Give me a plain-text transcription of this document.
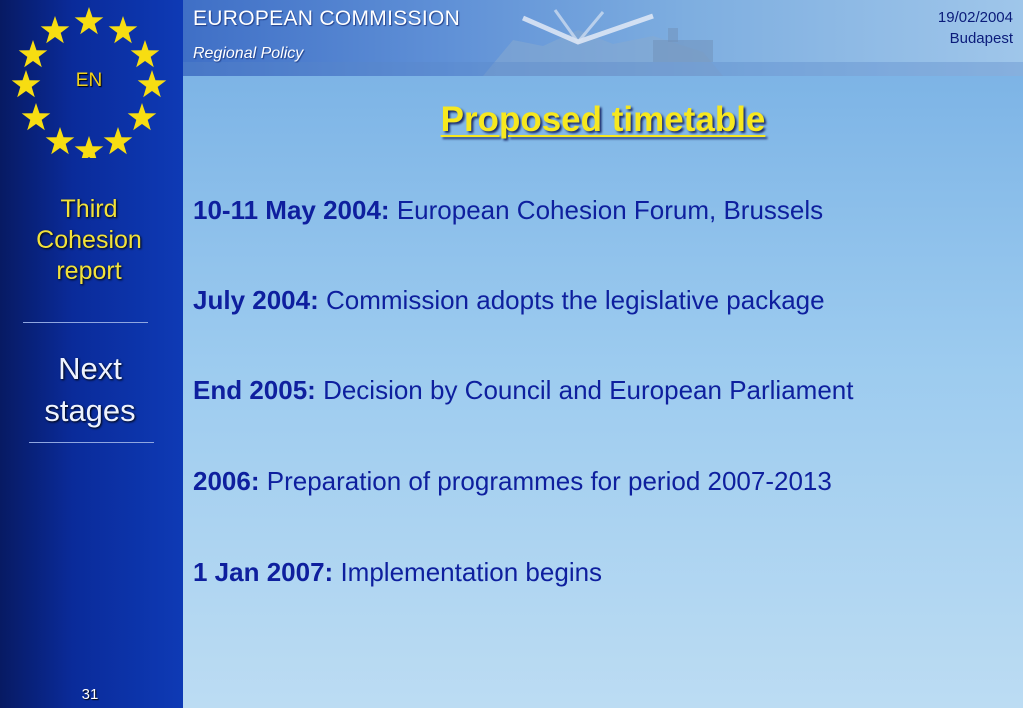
EN
Third
Cohesion
report
Next
stages
31
EUROPEAN COMMISSION
Regional Policy
19/02/2004
Budapest
Proposed timetable
10-11 May 2004: European Cohesion Forum, Brussels
July 2004: Commission adopts the legislative package
End 2005: Decision by Council and European Parliament
2006: Preparation of programmes for period 2007-2013
1 Jan 2007: Implementation begins
